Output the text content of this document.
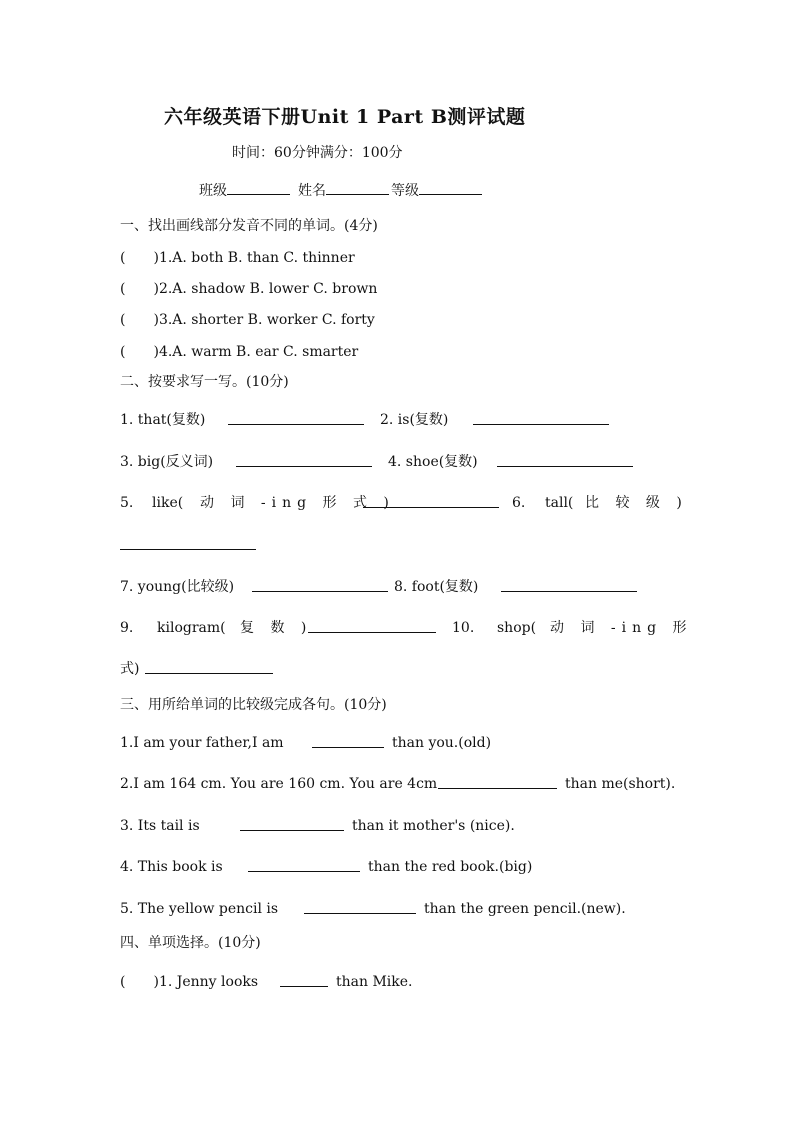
六年级英语下册Unit 1 Part B测评试题
时间：60分钟满分：100分
班级	姓名	等级
一、找出画线部分发音不同的单词。(4分)
(　　)1.A. both B. than C. thinner
(　　)2.A. shadow B. lower C. brown
(　　)3.A. shorter B. worker C. forty
(　　)4.A. warm B. ear C. smarter
二、按要求写一写。(10分)
1. that(复数)	2. is(复数)
3. big(反义词)	4. shoe(复数)
5. like( 动 词 -ing 形 式 )	6. tall( 比 较 级 )
7. young(比较级)	8. foot(复数)
9. kilogram( 复 数 )	10. shop( 动 词 -ing 形
式)
三、用所给单词的比较级完成各句。(10分)
1.I am your father,I am	than you.(old)
2.I am 164 cm. You are 160 cm. You are 4cm	than me(short).
3. Its tail is	than it mother's (nice).
4. This book is	than the red book.(big)
5. The yellow pencil is	than the green pencil.(new).
四、单项选择。(10分)
(　　)1. Jenny looks	than Mike.
